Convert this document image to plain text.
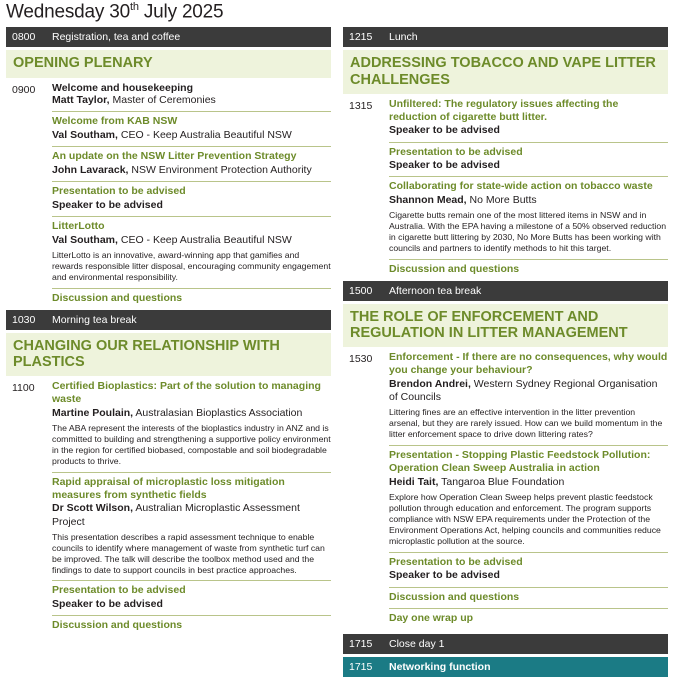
Wednesday 30th July 2025
0800	Registration, tea and coffee
OPENING PLENARY
0900	Welcome and housekeeping
Matt Taylor, Master of Ceremonies
Welcome from KAB NSW
Val Southam, CEO - Keep Australia Beautiful NSW
An update on the NSW Litter Prevention Strategy
John Lavarack, NSW Environment Protection Authority
Presentation to be advised
Speaker to be advised
LitterLotto
Val Southam, CEO - Keep Australia Beautiful NSW
LitterLotto is an innovative, award-winning app that gamifies and rewards responsible litter disposal, encouraging community engagement and environmental responsibility.
Discussion and questions
1030	Morning tea break
CHANGING OUR RELATIONSHIP WITH PLASTICS
1100	Certified Bioplastics: Part of the solution to managing waste
Martine Poulain, Australasian Bioplastics Association
The ABA represent the interests of the bioplastics industry in ANZ and is committed to building and strengthening a supportive policy environment in the region for certified biobased, compostable and soil biodegradable products to thrive.
Rapid appraisal of microplastic loss mitigation measures from synthetic fields
Dr Scott Wilson, Australian Microplastic Assessment Project
This presentation describes a rapid assessment technique to enable councils to identify where management of waste from synthetic turf can be improved. The talk will describe the toolbox method used and the findings to date to support councils in best practice approaches.
Presentation to be advised
Speaker to be advised
Discussion and questions
1215	Lunch
ADDRESSING TOBACCO AND VAPE LITTER CHALLENGES
1315	Unfiltered: The regulatory issues affecting the reduction of cigarette butt litter.
Speaker to be advised
Presentation to be advised
Speaker to be advised
Collaborating for state-wide action on tobacco waste
Shannon Mead, No More Butts
Cigarette butts remain one of the most littered items in NSW and in Australia. With the EPA having a milestone of a 50% observed reduction in cigarette butt littering by 2030, No More Butts has been working with councils and partners to identify methods to hit this target.
Discussion and questions
1500	Afternoon tea break
THE ROLE OF ENFORCEMENT AND REGULATION IN LITTER MANAGEMENT
1530	Enforcement - If there are no consequences, why would you change your behaviour?
Brendon Andrei, Western Sydney Regional Organisation of Councils
Littering fines are an effective intervention in the litter prevention arsenal, but they are rarely issued. How can we build momentum in the litter enforcement space to drive down littering rates?
Presentation - Stopping Plastic Feedstock Pollution: Operation Clean Sweep Australia in action
Heidi Tait, Tangaroa Blue Foundation
Explore how Operation Clean Sweep helps prevent plastic feedstock pollution through education and enforcement. The program supports compliance with NSW EPA requirements under the Protection of the Environment Operations Act, helping councils and communities reduce microplastic pollution at the source.
Presentation to be advised
Speaker to be advised
Discussion and questions
Day one wrap up
1715	Close day 1
1715	Networking function
